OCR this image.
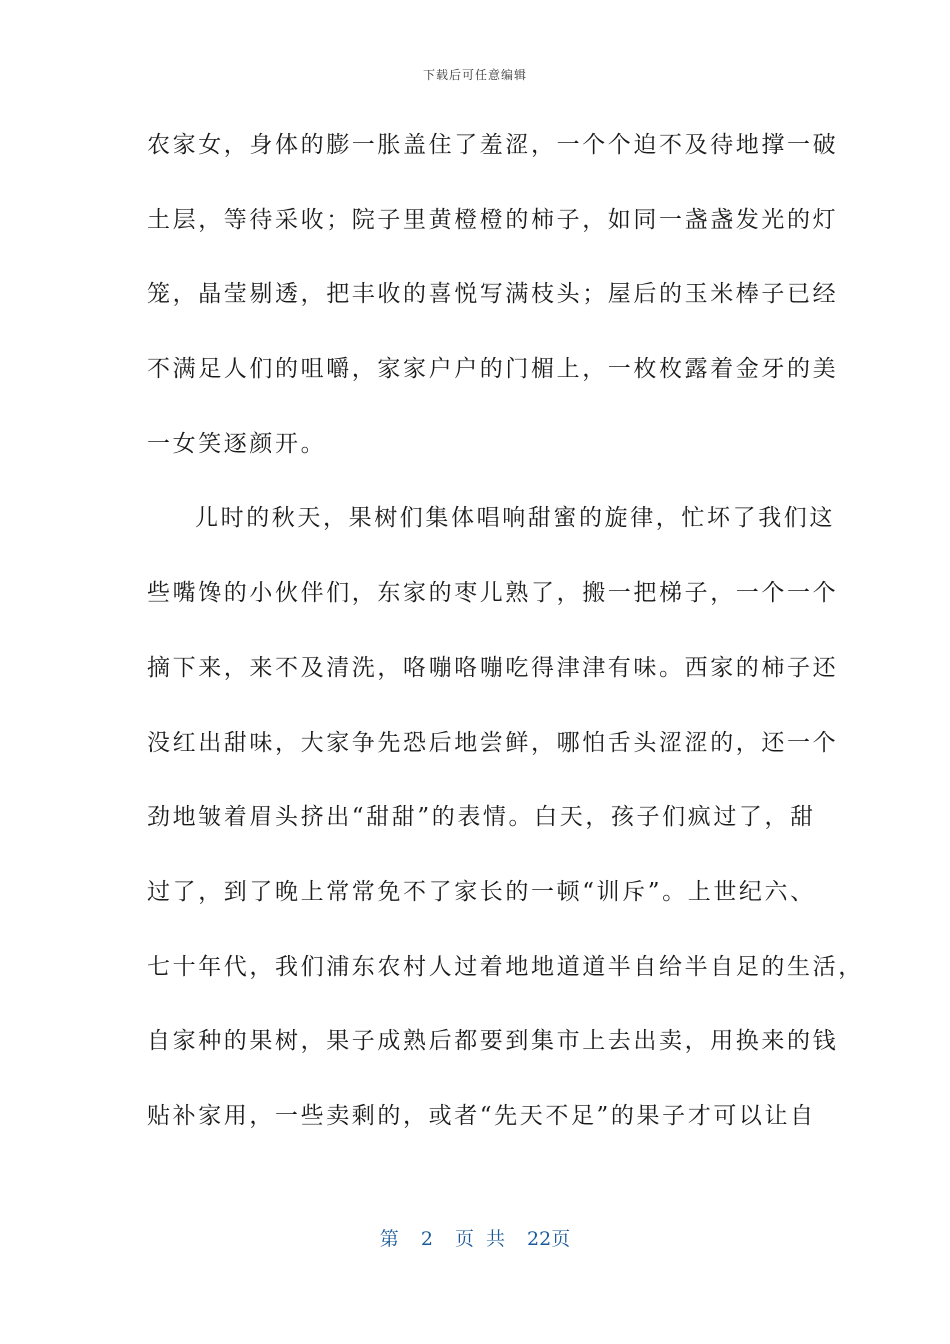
下载后可任意编辑
农家女，身体的膨一胀盖住了羞涩，一个个迫不及待地撑一破
土层，等待采收；院子里黄橙橙的柿子，如同一盏盏发光的灯
笼，晶莹剔透，把丰收的喜悦写满枝头；屋后的玉米棒子已经
不满足人们的咀嚼，家家户户的门楣上，一枚枚露着金牙的美
一女笑逐颜开。
儿时的秋天，果树们集体唱响甜蜜的旋律，忙坏了我们这
些嘴馋的小伙伴们，东家的枣儿熟了，搬一把梯子，一个一个
摘下来，来不及清洗，咯嘣咯嘣吃得津津有味。西家的柿子还
没红出甜味，大家争先恐后地尝鲜，哪怕舌头涩涩的，还一个
劲地皱着眉头挤出“甜甜”的表情。白天，孩子们疯过了，甜
过了，到了晚上常常免不了家长的一顿“训斥”。上世纪六、
七十年代，我们浦东农村人过着地地道道半自给半自足的生活，
自家种的果树，果子成熟后都要到集市上去出卖，用换来的钱
贴补家用，一些卖剩的，或者“先天不足”的果子才可以让自
第 2 页 共 22页
